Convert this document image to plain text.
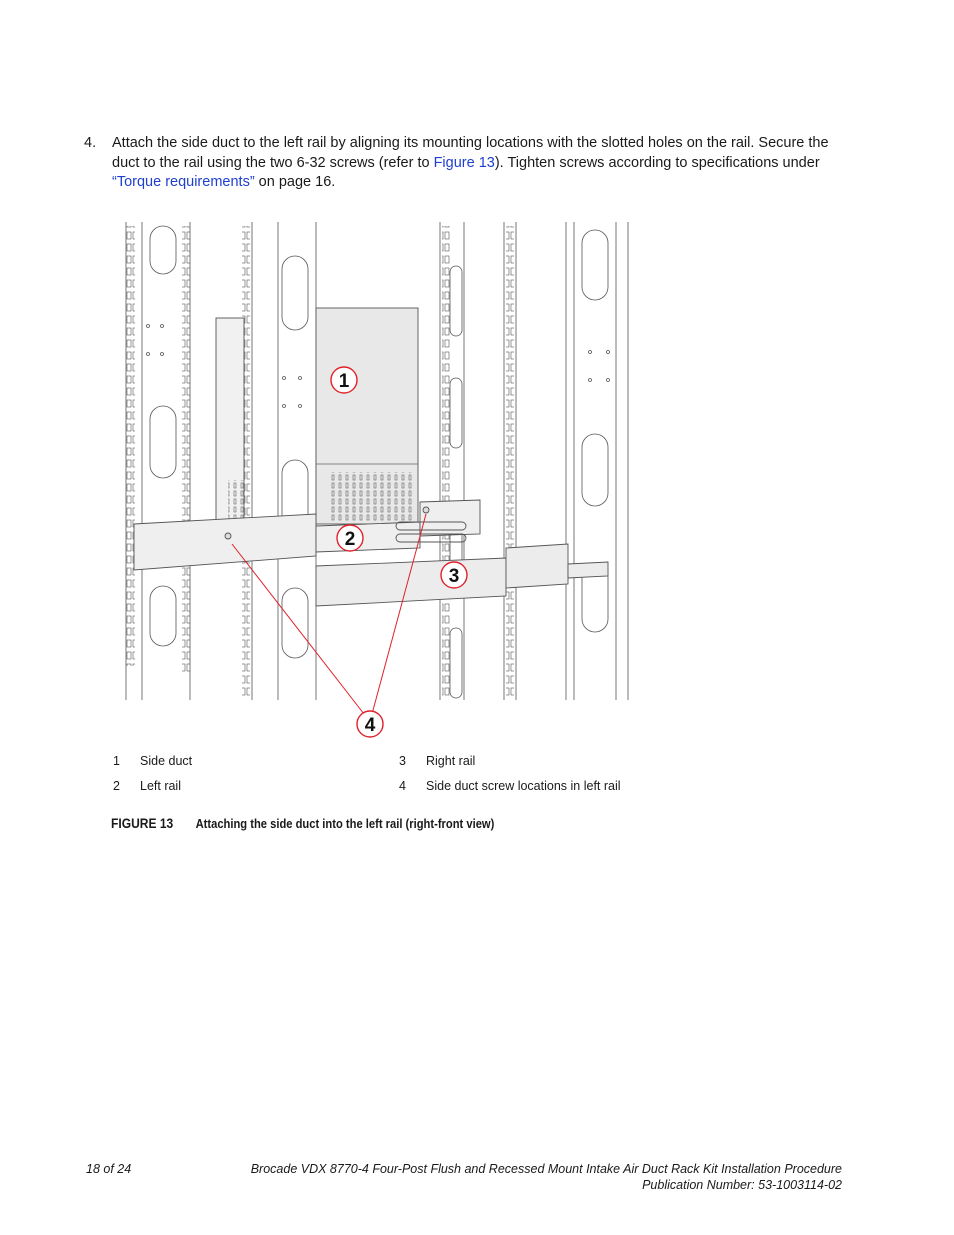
4. Attach the side duct to the left rail by aligning its mounting locations with the slotted holes on the rail. Secure the duct to the rail using the two 6-32 screws (refer to Figure 13). Tighten screws according to specifications under “Torque requirements” on page 16.
1
2
3
4
1 Side duct	3 Right rail
2 Left rail	4 Side duct screw locations in left rail
FIGURE 13 Attaching the side duct into the left rail (right-front view)
18 of 24	Brocade VDX 8770-4 Four-Post Flush and Recessed Mount Intake Air Duct Rack Kit Installation Procedure
Publication Number: 53-1003114-02
